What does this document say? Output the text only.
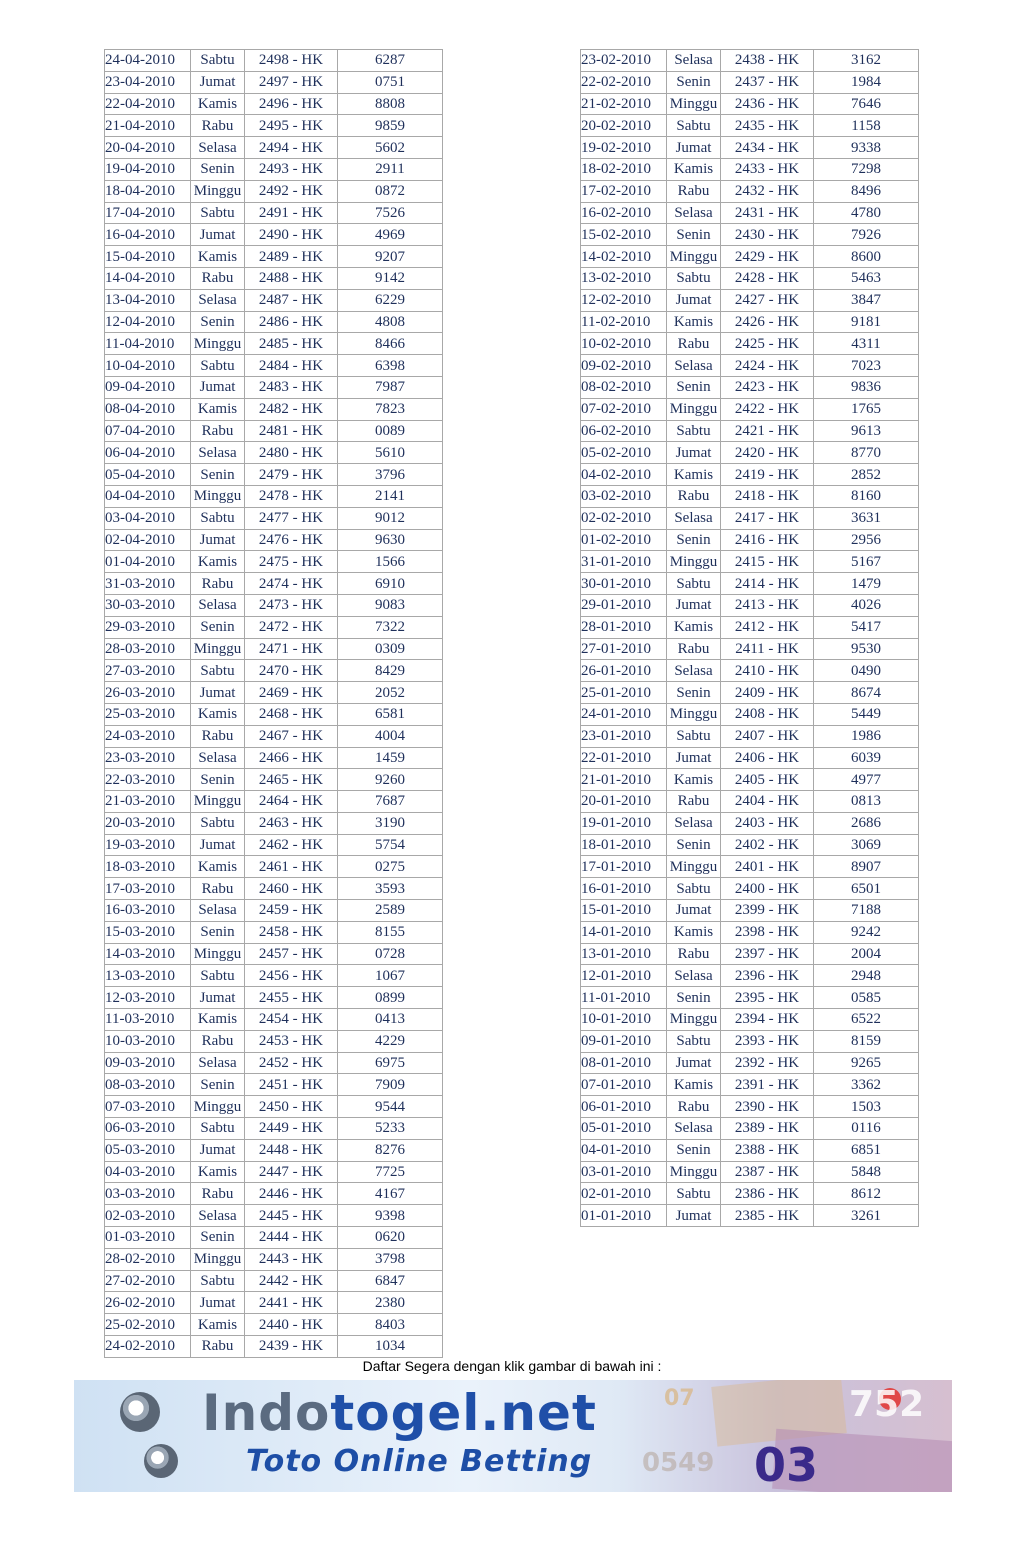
24-04-2010	Sabtu	2498 - HK	6287
23-04-2010	Jumat	2497 - HK	0751
22-04-2010	Kamis	2496 - HK	8808
21-04-2010	Rabu	2495 - HK	9859
20-04-2010	Selasa	2494 - HK	5602
19-04-2010	Senin	2493 - HK	2911
18-04-2010	Minggu	2492 - HK	0872
17-04-2010	Sabtu	2491 - HK	7526
16-04-2010	Jumat	2490 - HK	4969
15-04-2010	Kamis	2489 - HK	9207
14-04-2010	Rabu	2488 - HK	9142
13-04-2010	Selasa	2487 - HK	6229
12-04-2010	Senin	2486 - HK	4808
11-04-2010	Minggu	2485 - HK	8466
10-04-2010	Sabtu	2484 - HK	6398
09-04-2010	Jumat	2483 - HK	7987
08-04-2010	Kamis	2482 - HK	7823
07-04-2010	Rabu	2481 - HK	0089
06-04-2010	Selasa	2480 - HK	5610
05-04-2010	Senin	2479 - HK	3796
04-04-2010	Minggu	2478 - HK	2141
03-04-2010	Sabtu	2477 - HK	9012
02-04-2010	Jumat	2476 - HK	9630
01-04-2010	Kamis	2475 - HK	1566
31-03-2010	Rabu	2474 - HK	6910
30-03-2010	Selasa	2473 - HK	9083
29-03-2010	Senin	2472 - HK	7322
28-03-2010	Minggu	2471 - HK	0309
27-03-2010	Sabtu	2470 - HK	8429
26-03-2010	Jumat	2469 - HK	2052
25-03-2010	Kamis	2468 - HK	6581
24-03-2010	Rabu	2467 - HK	4004
23-03-2010	Selasa	2466 - HK	1459
22-03-2010	Senin	2465 - HK	9260
21-03-2010	Minggu	2464 - HK	7687
20-03-2010	Sabtu	2463 - HK	3190
19-03-2010	Jumat	2462 - HK	5754
18-03-2010	Kamis	2461 - HK	0275
17-03-2010	Rabu	2460 - HK	3593
16-03-2010	Selasa	2459 - HK	2589
15-03-2010	Senin	2458 - HK	8155
14-03-2010	Minggu	2457 - HK	0728
13-03-2010	Sabtu	2456 - HK	1067
12-03-2010	Jumat	2455 - HK	0899
11-03-2010	Kamis	2454 - HK	0413
10-03-2010	Rabu	2453 - HK	4229
09-03-2010	Selasa	2452 - HK	6975
08-03-2010	Senin	2451 - HK	7909
07-03-2010	Minggu	2450 - HK	9544
06-03-2010	Sabtu	2449 - HK	5233
05-03-2010	Jumat	2448 - HK	8276
04-03-2010	Kamis	2447 - HK	7725
03-03-2010	Rabu	2446 - HK	4167
02-03-2010	Selasa	2445 - HK	9398
01-03-2010	Senin	2444 - HK	0620
28-02-2010	Minggu	2443 - HK	3798
27-02-2010	Sabtu	2442 - HK	6847
26-02-2010	Jumat	2441 - HK	2380
25-02-2010	Kamis	2440 - HK	8403
24-02-2010	Rabu	2439 - HK	1034
23-02-2010	Selasa	2438 - HK	3162
22-02-2010	Senin	2437 - HK	1984
21-02-2010	Minggu	2436 - HK	7646
20-02-2010	Sabtu	2435 - HK	1158
19-02-2010	Jumat	2434 - HK	9338
18-02-2010	Kamis	2433 - HK	7298
17-02-2010	Rabu	2432 - HK	8496
16-02-2010	Selasa	2431 - HK	4780
15-02-2010	Senin	2430 - HK	7926
14-02-2010	Minggu	2429 - HK	8600
13-02-2010	Sabtu	2428 - HK	5463
12-02-2010	Jumat	2427 - HK	3847
11-02-2010	Kamis	2426 - HK	9181
10-02-2010	Rabu	2425 - HK	4311
09-02-2010	Selasa	2424 - HK	7023
08-02-2010	Senin	2423 - HK	9836
07-02-2010	Minggu	2422 - HK	1765
06-02-2010	Sabtu	2421 - HK	9613
05-02-2010	Jumat	2420 - HK	8770
04-02-2010	Kamis	2419 - HK	2852
03-02-2010	Rabu	2418 - HK	8160
02-02-2010	Selasa	2417 - HK	3631
01-02-2010	Senin	2416 - HK	2956
31-01-2010	Minggu	2415 - HK	5167
30-01-2010	Sabtu	2414 - HK	1479
29-01-2010	Jumat	2413 - HK	4026
28-01-2010	Kamis	2412 - HK	5417
27-01-2010	Rabu	2411 - HK	9530
26-01-2010	Selasa	2410 - HK	0490
25-01-2010	Senin	2409 - HK	8674
24-01-2010	Minggu	2408 - HK	5449
23-01-2010	Sabtu	2407 - HK	1986
22-01-2010	Jumat	2406 - HK	6039
21-01-2010	Kamis	2405 - HK	4977
20-01-2010	Rabu	2404 - HK	0813
19-01-2010	Selasa	2403 - HK	2686
18-01-2010	Senin	2402 - HK	3069
17-01-2010	Minggu	2401 - HK	8907
16-01-2010	Sabtu	2400 - HK	6501
15-01-2010	Jumat	2399 - HK	7188
14-01-2010	Kamis	2398 - HK	9242
13-01-2010	Rabu	2397 - HK	2004
12-01-2010	Selasa	2396 - HK	2948
11-01-2010	Senin	2395 - HK	0585
10-01-2010	Minggu	2394 - HK	6522
09-01-2010	Sabtu	2393 - HK	8159
08-01-2010	Jumat	2392 - HK	9265
07-01-2010	Kamis	2391 - HK	3362
06-01-2010	Rabu	2390 - HK	1503
05-01-2010	Selasa	2389 - HK	0116
04-01-2010	Senin	2388 - HK	6851
03-01-2010	Minggu	2387 - HK	5848
02-01-2010	Sabtu	2386 - HK	8612
01-01-2010	Jumat	2385 - HK	3261
Daftar Segera dengan klik gambar di bawah ini :
Indotogel.net
Toto Online Betting
07	752
03
0549
